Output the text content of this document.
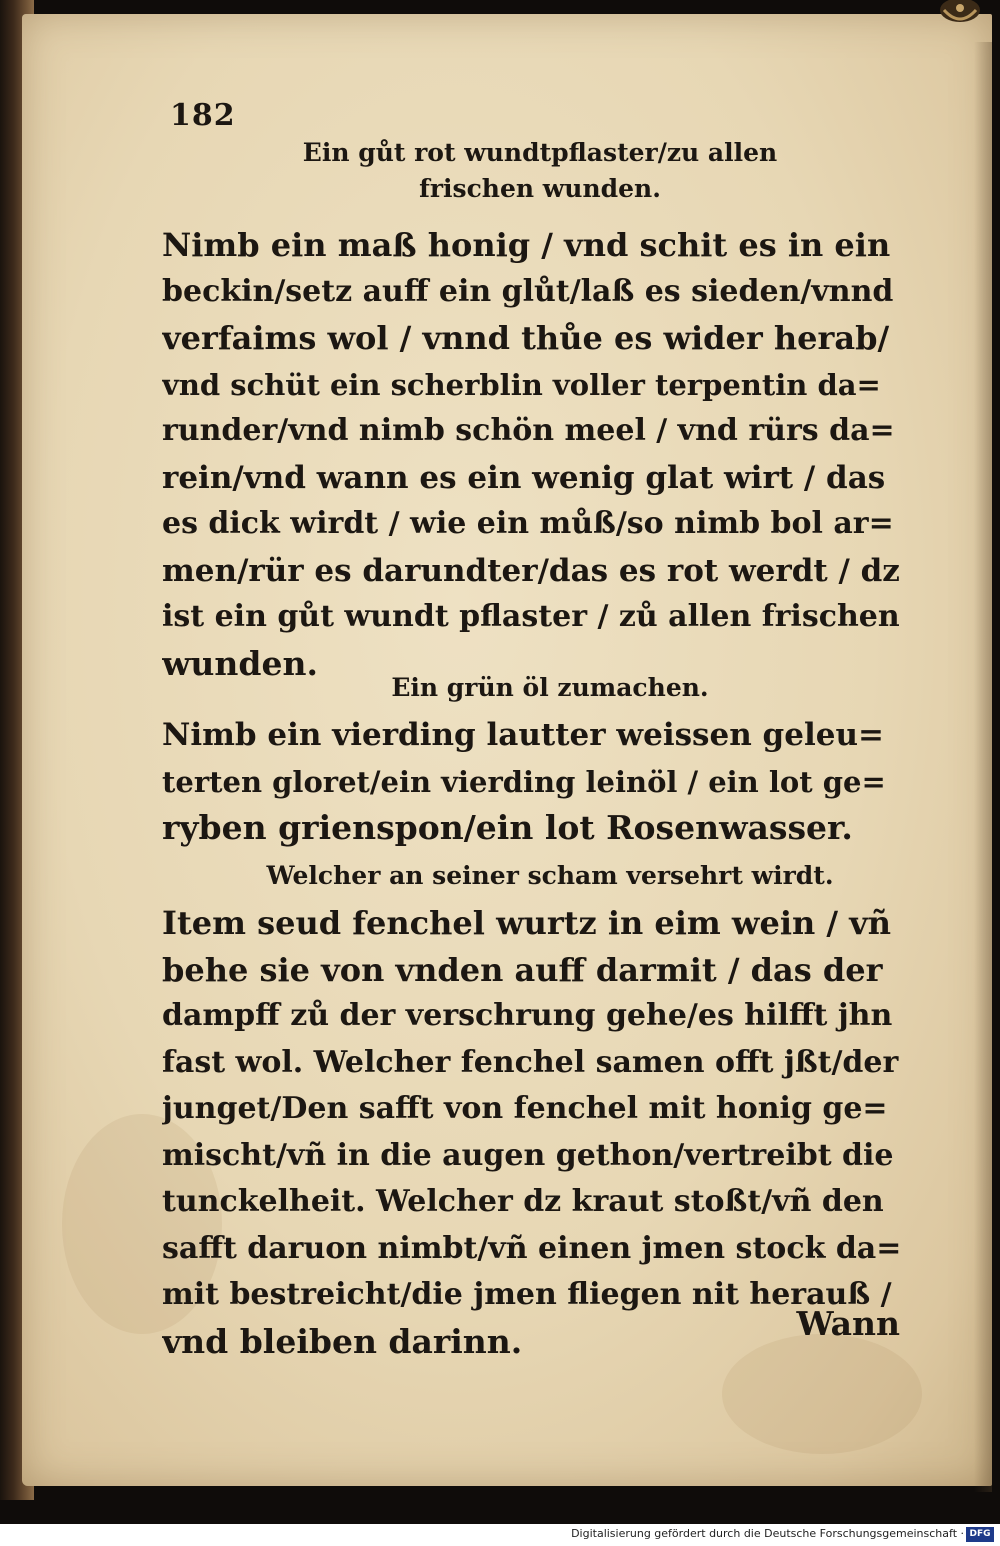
182
Ein gůt rot wundtpflaster/zu allen
frischen wunden.
Nimb ein maß honig / vnd schit es in ein
beckin/setz auff ein glůt/laß es sieden/vnnd
verfaims wol / vnnd thůe es wider herab/
vnd schüt ein scherblin voller terpentin da=
runder/vnd nimb schön meel / vnd rürs da=
rein/vnd wann es ein wenig glat wirt / das
es dick wirdt / wie ein můß/so nimb bol ar=
men/rür es darundter/das es rot werdt / dz
ist ein gůt wundt pflaster / zů allen frischen
wunden.
Ein grün öl zumachen.
Nimb ein vierding lautter weissen geleu=
terten gloret/ein vierding leinöl / ein lot ge=
ryben grienspon/ein lot Rosenwasser.
Welcher an seiner scham versehrt wirdt.
Item seud fenchel wurtz in eim wein / vñ
behe sie von vnden auff darmit / das der
dampff zů der verschrung gehe/es hilfft jhn
fast wol. Welcher fenchel samen offt jßt/der
junget/Den safft von fenchel mit honig ge=
mischt/vñ in die augen gethon/vertreibt die
tunckelheit. Welcher dz kraut stoßt/vñ den
safft daruon nimbt/vñ einen jmen stock da=
mit bestreicht/die jmen fliegen nit herauß /
vnd bleiben darinn.	Wann
Digitalisierung gefördert durch die Deutsche Forschungsgemeinschaft · DFG
